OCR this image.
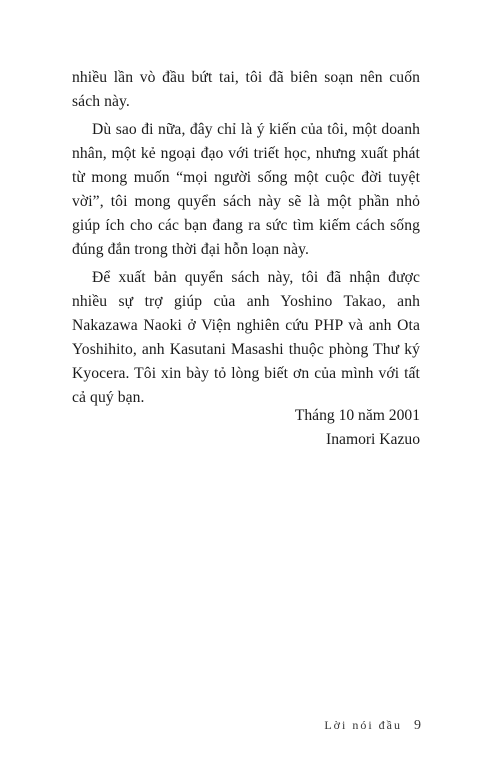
nhiều lần vò đầu bứt tai, tôi đã biên soạn nên cuốn sách này.

Dù sao đi nữa, đây chỉ là ý kiến của tôi, một doanh nhân, một kẻ ngoại đạo với triết học, nhưng xuất phát từ mong muốn “mọi người sống một cuộc đời tuyệt vời”, tôi mong quyển sách này sẽ là một phần nhỏ giúp ích cho các bạn đang ra sức tìm kiếm cách sống đúng đắn trong thời đại hỗn loạn này.

Để xuất bản quyển sách này, tôi đã nhận được nhiều sự trợ giúp của anh Yoshino Takao, anh Nakazawa Naoki ở Viện nghiên cứu PHP và anh Ota Yoshihito, anh Kasutani Masashi thuộc phòng Thư ký Kyocera. Tôi xin bày tỏ lòng biết ơn của mình với tất cả quý bạn.

Tháng 10 năm 2001
Inamori Kazuo
Lời nói đầu 9
